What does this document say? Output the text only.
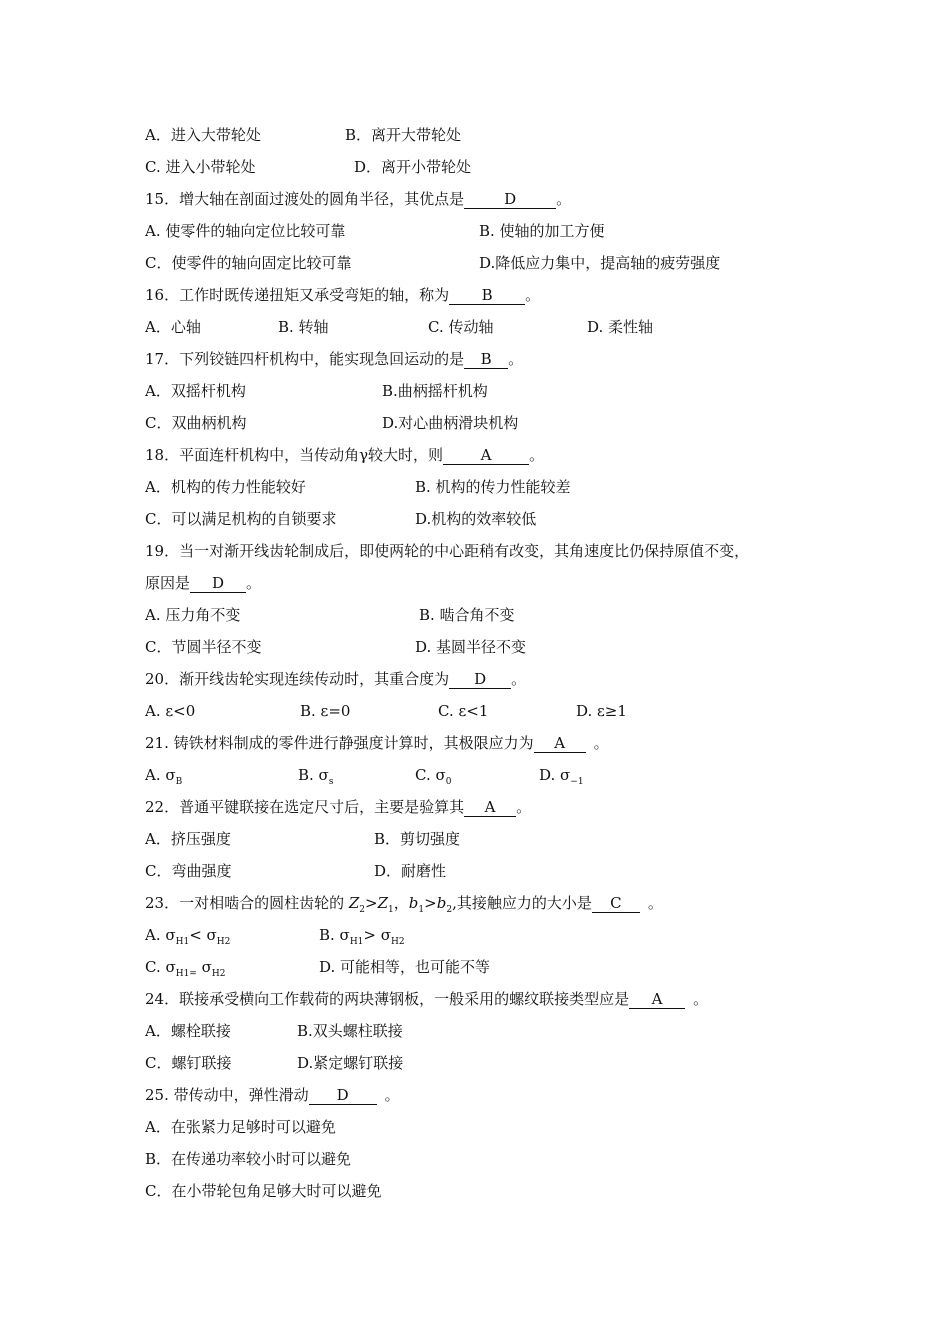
A．进入大带轮处	B．离开大带轮处
C. 进入小带轮处	D．离开小带轮处
15．增大轴在剖面过渡处的圆角半径，其优点是	D	。
A. 使零件的轴向定位比较可靠	B. 使轴的加工方便
C．使零件的轴向固定比较可靠	D.降低应力集中，提高轴的疲劳强度
16．工作时既传递扭矩又承受弯矩的轴，称为 B 。
A．心轴	B. 转轴	C. 传动轴	D. 柔性轴
17．下列铰链四杆机构中，能实现急回运动的是 B 。
A．双摇杆机构	B.曲柄摇杆机构
C．双曲柄机构	D.对心曲柄滑块机构
18．平面连杆机构中，当传动角γ较大时，则	A	。
A．机构的传力性能较好	B. 机构的传力性能较差
C．可以满足机构的自锁要求	D.机构的效率较低
19．当一对渐开线齿轮制成后，即使两轮的中心距稍有改变，其角速度比仍保持原值不变，
原因是 D 。
A. 压力角不变	B. 啮合角不变
C．节圆半径不变	D. 基圆半径不变
20．渐开线齿轮实现连续传动时，其重合度为 D 。
A. ε<0	B. ε=0	C. ε<1	D. ε≥1
21. 铸铁材料制成的零件进行静强度计算时，其极限应力为 A 。
A. $\sigma_B$	B. $\sigma_s$	C. $\sigma_0$	D. $\sigma_{-1}$
22．普通平键联接在选定尺寸后，主要是验算其 A 。
A．挤压强度	B．剪切强度
C．弯曲强度	D．耐磨性
23．一对相啮合的圆柱齿轮的 $Z_2>Z_1$，$b_1>b_2$,其接触应力的大小是 C 。
A. $\sigma_{H1}< \sigma_{H2}$	B. $\sigma_{H1}> \sigma_{H2}$
C. $\sigma_{H1=}$ $\sigma_{H2}$	D. 可能相等，也可能不等
24．联接承受横向工作载荷的两块薄钢板，一般采用的螺纹联接类型应是 A 。
A．螺栓联接	B.双头螺柱联接
C．螺钉联接	D.紧定螺钉联接
25. 带传动中，弹性滑动 D 。
A．在张紧力足够时可以避免
B．在传递功率较小时可以避免
C．在小带轮包角足够大时可以避免
